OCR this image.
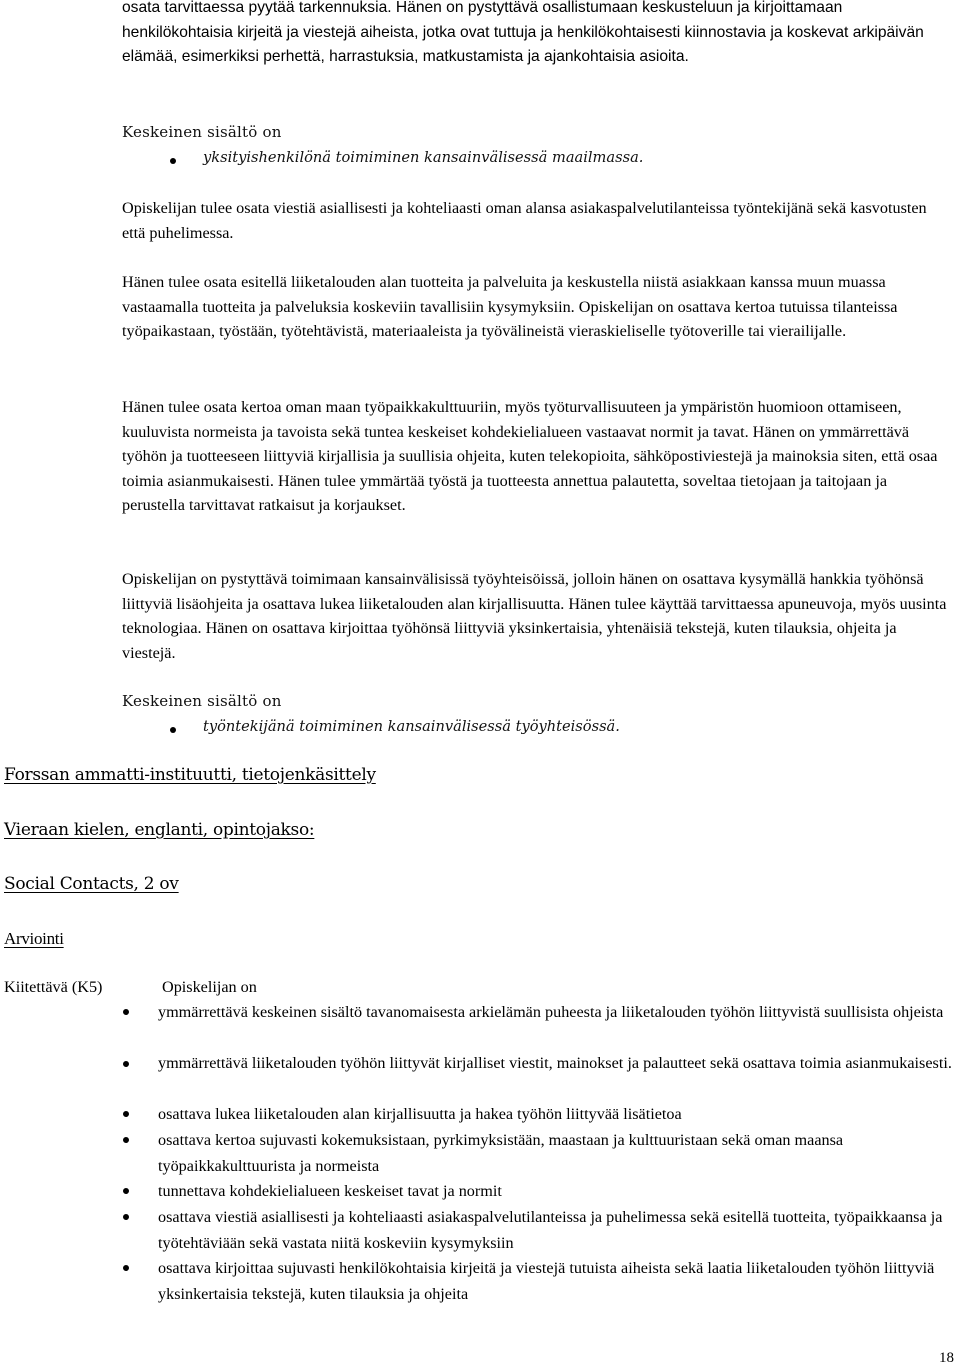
osata tarvittaessa pyytää tarkennuksia. Hänen on pystyttävä osallistumaan keskusteluun ja kirjoittamaan henkilökohtaisia kirjeitä ja viestejä aiheista, jotka ovat tuttuja ja henkilökohtaisesti kiinnostavia ja koskevat arkipäivän elämää, esimerkiksi perhettä, harrastuksia, matkustamista ja ajankohtaisia asioita.

Keskeinen sisältö on

yksityishenkilönä toimiminen kansainvälisessä maailmassa.

Opiskelijan tulee osata viestiä asiallisesti ja kohteliaasti oman alansa asiakaspalvelutilanteissa työntekijänä sekä kasvotusten että puhelimessa.

Hänen tulee osata esitellä liiketalouden alan tuotteita ja palveluita ja keskustella niistä asiakkaan kanssa muun muassa vastaamalla tuotteita ja palveluksia koskeviin tavallisiin kysymyksiin. Opiskelijan on osattava kertoa tutuissa tilanteissa työpaikastaan, työstään, työtehtävistä, materiaaleista ja työvälineistä vieraskieliselle työtoverille tai vierailijalle.

Hänen tulee osata kertoa oman maan työpaikkakulttuuriin, myös työturvallisuuteen ja ympäristön huomioon ottamiseen, kuuluvista normeista ja tavoista sekä tuntea keskeiset kohdekielialueen vastaavat normit ja tavat. Hänen on ymmärrettävä työhön ja tuotteeseen liittyviä kirjallisia ja suullisia ohjeita, kuten telekopioita, sähköpostiviestejä ja mainoksia siten, että osaa toimia asianmukaisesti. Hänen tulee ymmärtää työstä ja tuotteesta annettua palautetta, soveltaa tietojaan ja taitojaan ja perustella tarvittavat ratkaisut ja korjaukset.

Opiskelijan on pystyttävä toimimaan kansainvälisissä työyhteisöissä, jolloin hänen on osattava kysymällä hankkia työhönsä liittyviä lisäohjeita ja osattava lukea liiketalouden alan kirjallisuutta. Hänen tulee käyttää tarvittaessa apuneuvoja, myös uusinta teknologiaa. Hänen on osattava kirjoittaa työhönsä liittyviä yksinkertaisia, yhtenäisiä tekstejä, kuten tilauksia, ohjeita ja viestejä.

Keskeinen sisältö on

työntekijänä toimiminen kansainvälisessä työyhteisössä.

Forssan ammatti-instituutti, tietojenkäsittely

Vieraan kielen, englanti, opintojakso:

Social Contacts, 2 ov

Arviointi

Kiitettävä (K5)	Opiskelijan on

ymmärrettävä keskeinen sisältö tavanomaisesta arkielämän puheesta ja liiketalouden työhön liittyvistä suullisista ohjeista

ymmärrettävä liiketalouden työhön liittyvät kirjalliset viestit, mainokset ja palautteet sekä osattava toimia asianmukaisesti.

osattava lukea liiketalouden alan kirjallisuutta ja hakea työhön liittyvää lisätietoa

osattava kertoa sujuvasti kokemuksistaan, pyrkimyksistään, maastaan ja kulttuuristaan sekä oman maansa työpaikkakulttuurista ja normeista

tunnettava kohdekielialueen keskeiset tavat ja normit

osattava viestiä asiallisesti ja kohteliaasti asiakaspalvelutilanteissa ja puhelimessa sekä esitellä tuotteita, työpaikkaansa ja työtehtäviään sekä vastata niitä koskeviin kysymyksiin

osattava kirjoittaa sujuvasti henkilökohtaisia kirjeitä ja viestejä tutuista aiheista sekä laatia liiketalouden työhön liittyviä yksinkertaisia tekstejä, kuten tilauksia ja ohjeita

18
